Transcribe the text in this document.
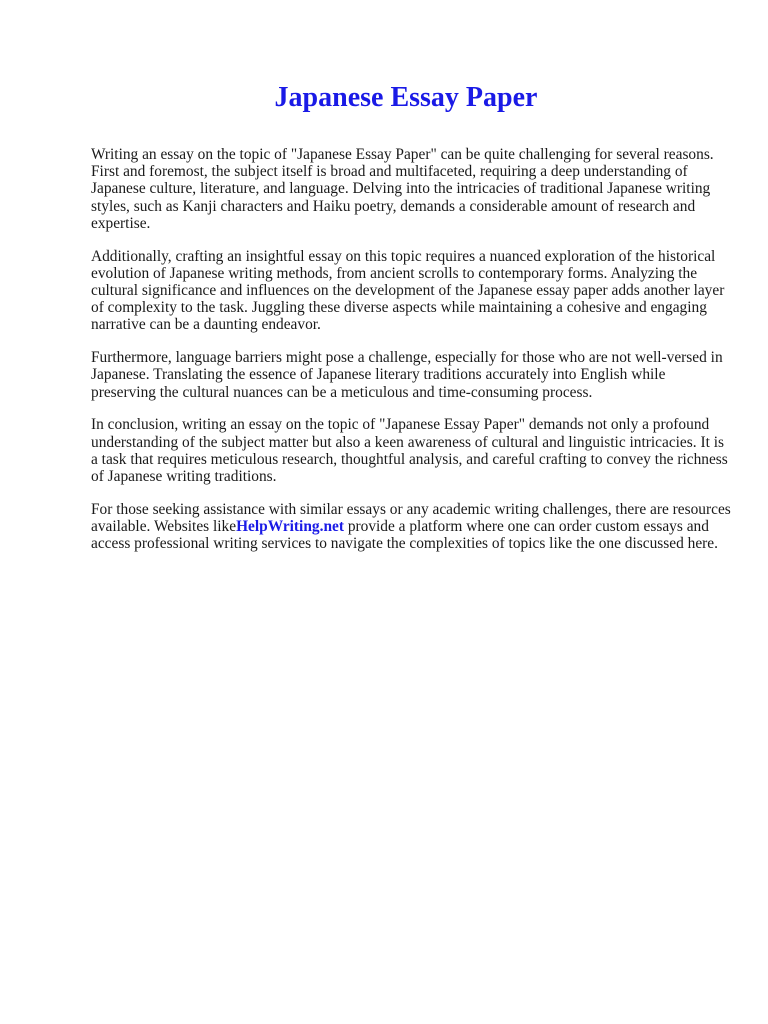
Japanese Essay Paper

Writing an essay on the topic of "Japanese Essay Paper" can be quite challenging for several reasons. First and foremost, the subject itself is broad and multifaceted, requiring a deep understanding of Japanese culture, literature, and language. Delving into the intricacies of traditional Japanese writing styles, such as Kanji characters and Haiku poetry, demands a considerable amount of research and expertise.

Additionally, crafting an insightful essay on this topic requires a nuanced exploration of the historical evolution of Japanese writing methods, from ancient scrolls to contemporary forms. Analyzing the cultural significance and influences on the development of the Japanese essay paper adds another layer of complexity to the task. Juggling these diverse aspects while maintaining a cohesive and engaging narrative can be a daunting endeavor.

Furthermore, language barriers might pose a challenge, especially for those who are not well-versed in Japanese. Translating the essence of Japanese literary traditions accurately into English while preserving the cultural nuances can be a meticulous and time-consuming process.

In conclusion, writing an essay on the topic of "Japanese Essay Paper" demands not only a profound understanding of the subject matter but also a keen awareness of cultural and linguistic intricacies. It is a task that requires meticulous research, thoughtful analysis, and careful crafting to convey the richness of Japanese writing traditions.

For those seeking assistance with similar essays or any academic writing challenges, there are resources available. Websites likeHelpWriting.net provide a platform where one can order custom essays and access professional writing services to navigate the complexities of topics like the one discussed here.
